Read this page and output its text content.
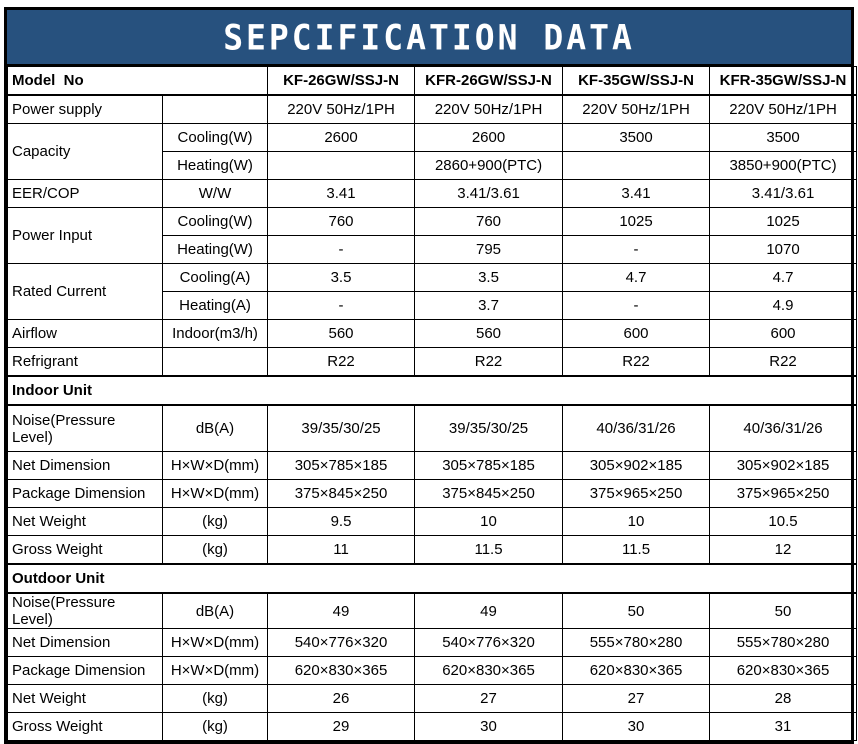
SEPCIFICATION DATA
Model  No		KF-26GW/SSJ-N	KFR-26GW/SSJ-N	KF-35GW/SSJ-N	KFR-35GW/SSJ-N
Power supply		220V 50Hz/1PH	220V 50Hz/1PH	220V 50Hz/1PH	220V 50Hz/1PH
Capacity	Cooling(W)	2600	2600	3500	3500
	Heating(W)		2860+900(PTC)		3850+900(PTC)
EER/COP	W/W	3.41	3.41/3.61	3.41	3.41/3.61
Power Input	Cooling(W)	760	760	1025	1025
	Heating(W)	-	795	-	1070
Rated Current	Cooling(A)	3.5	3.5	4.7	4.7
	Heating(A)	-	3.7	-	4.9
Airflow	Indoor(m3/h)	560	560	600	600
Refrigrant		R22	R22	R22	R22
Indoor Unit					
Noise(Pressure Level)	dB(A)	39/35/30/25	39/35/30/25	40/36/31/26	40/36/31/26
Net Dimension	H×W×D(mm)	305×785×185	305×785×185	305×902×185	305×902×185
Package Dimension	H×W×D(mm)	375×845×250	375×845×250	375×965×250	375×965×250
Net Weight	(kg)	9.5	10	10	10.5
Gross Weight	(kg)	11	11.5	11.5	12
Outdoor Unit					
Noise(Pressure Level)	dB(A)	49	49	50	50
Net Dimension	H×W×D(mm)	540×776×320	540×776×320	555×780×280	555×780×280
Package Dimension	H×W×D(mm)	620×830×365	620×830×365	620×830×365	620×830×365
Net Weight	(kg)	26	27	27	28
Gross Weight	(kg)	29	30	30	31
